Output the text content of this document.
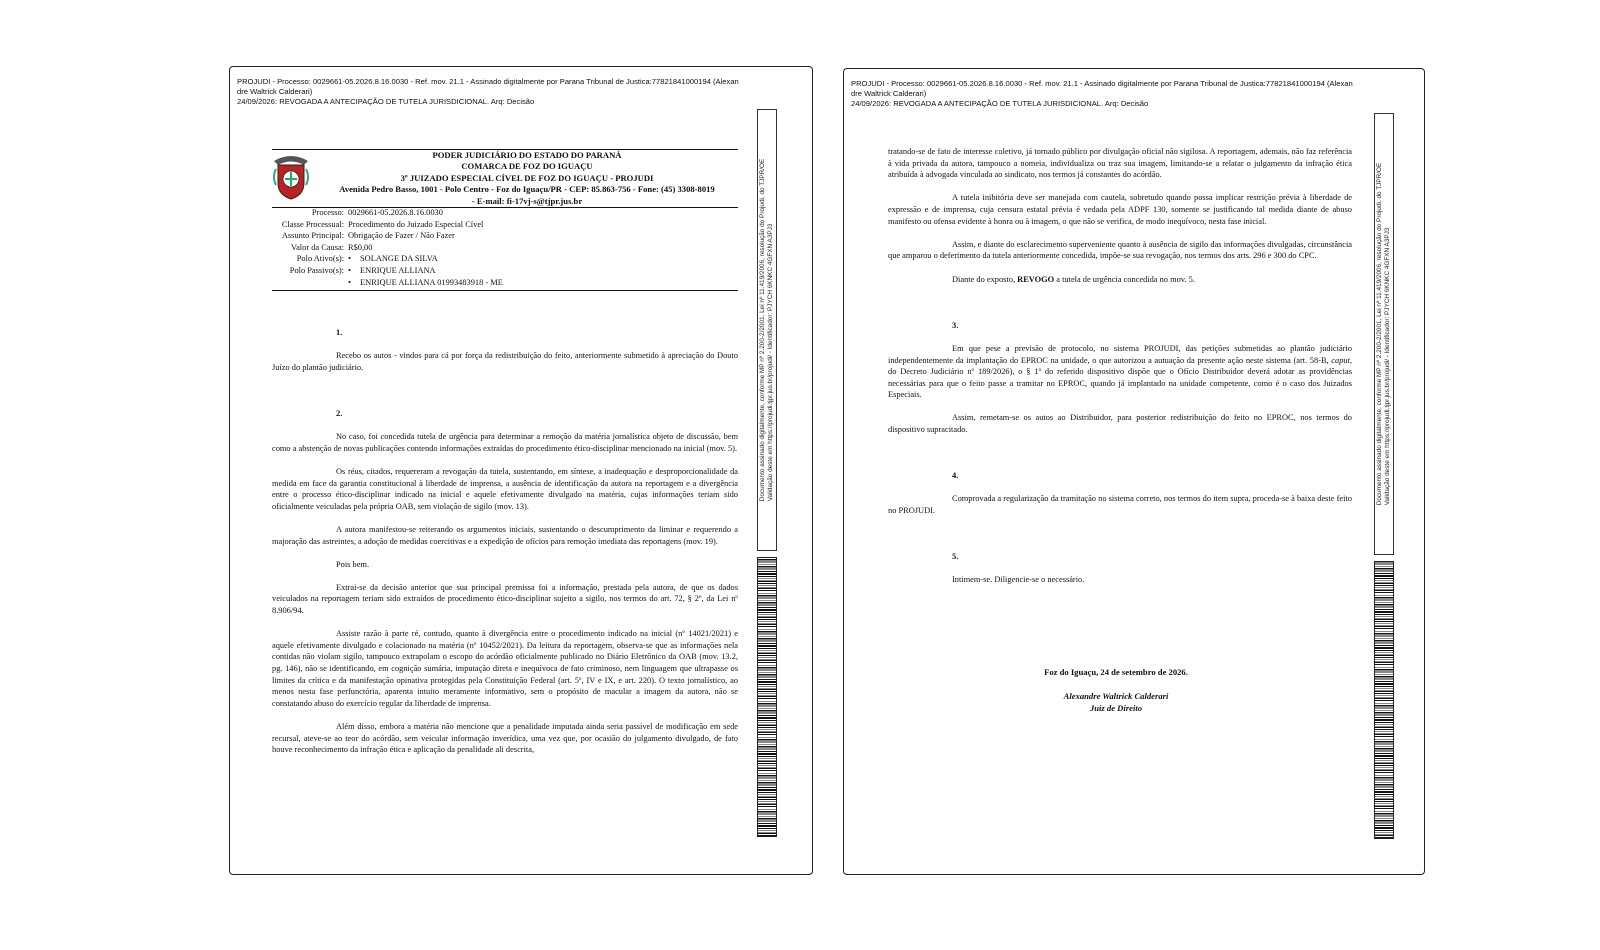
PROJUDI - Processo: 0029661-05.2026.8.16.0030 - Ref. mov. 21.1 - Assinado digitalmente por Parana Tribunal de Justica:77821841000194 (Alexan
dre Waltrick Calderari)
24/09/2026: REVOGADA A ANTECIPAÇÃO DE TUTELA JURISDICIONAL. Arq: Decisão
Documento assinado digitalmente, conforme MP nº 2.200-2/2001, Lei nº 11.419/2006, resolução do Projudi, do TJPR/OE Validação deste em https://projudi.tjpr.jus.br/projudi/ - Identificador: PJYCH 6KNKC 4GFXN A3PJ3
PODER JUDICIÁRIO DO ESTADO DO PARANÁ
COMARCA DE FOZ DO IGUAÇU
3º JUIZADO ESPECIAL CÍVEL DE FOZ DO IGUAÇU - PROJUDI
Avenida Pedro Basso, 1001 - Polo Centro - Foz do Iguaçu/PR - CEP: 85.863-756 - Fone: (45) 3308-8019
- E-mail: fi-17vj-s@tjpr.jus.br
Processo: 0029661-05.2026.8.16.0030
Classe Processual: Procedimento do Juizado Especial Cível
Assunto Principal: Obrigação de Fazer / Não Fazer
Valor da Causa: R$0,00
Polo Ativo(s): • SOLANGE DA SILVA
Polo Passivo(s): • ENRIQUE ALLIANA
• ENRIQUE ALLIANA 01993483918 - ME
1.

Recebo os autos - vindos para cá por força da redistribuição do feito, anteriormente submetido à apreciação do Douto Juízo do plantão judiciário.

2.

No caso, foi concedida tutela de urgência para determinar a remoção da matéria jornalística objeto de discussão, bem como a abstenção de novas publicações contendo informações extraídas do procedimento ético-disciplinar mencionado na inicial (mov. 5).

Os réus, citados, requereram a revogação da tutela, sustentando, em síntese, a inadequação e desproporcionalidade da medida em face da garantia constitucional à liberdade de imprensa, a ausência de identificação da autora na reportagem e a divergência entre o processo ético-disciplinar indicado na inicial e aquele efetivamente divulgado na matéria, cujas informações teriam sido oficialmente veiculadas pela própria OAB, sem violação de sigilo (mov. 13).

A autora manifestou-se reiterando os argumentos iniciais, sustentando o descumprimento da liminar e requerendo a majoração das astreintes, a adoção de medidas coercitivas e a expedição de ofícios para remoção imediata das reportagens (mov. 19).

Pois bem.

Extrai-se da decisão anterior que sua principal premissa foi a informação, prestada pela autora, de que os dados veiculados na reportagem teriam sido extraídos de procedimento ético-disciplinar sujeito a sigilo, nos termos do art. 72, § 2º, da Lei nº 8.906/94.

Assiste razão à parte ré, contudo, quanto à divergência entre o procedimento indicado na inicial (nº 14021/2021) e aquele efetivamente divulgado e colacionado na matéria (nº 10452/2021). Da leitura da reportagem, observa-se que as informações nela contidas não violam sigilo, tampouco extrapolam o escopo do acórdão oficialmente publicado no Diário Eletrônico da OAB (mov. 13.2, pg. 146), não se identificando, em cognição sumária, imputação direta e inequívoca de fato criminoso, nem linguagem que ultrapasse os limites da crítica e da manifestação opinativa protegidas pela Constituição Federal (art. 5º, IV e IX, e art. 220). O texto jornalístico, ao menos nesta fase perfunctória, aparenta intuito meramente informativo, sem o propósito de macular a imagem da autora, não se constatando abuso do exercício regular da liberdade de imprensa.

Além disso, embora a matéria não mencione que a penalidade imputada ainda seria passível de modificação em sede recursal, ateve-se ao teor do acórdão, sem veicular informação inverídica, uma vez que, por ocasião do julgamento divulgado, de fato houve reconhecimento da infração ética e aplicação da penalidade ali descrita,

PROJUDI - Processo: 0029661-05.2026.8.16.0030 - Ref. mov. 21.1 - Assinado digitalmente por Parana Tribunal de Justica:77821841000194 (Alexan
dre Waltrick Calderari)
24/09/2026: REVOGADA A ANTECIPAÇÃO DE TUTELA JURISDICIONAL. Arq: Decisão
Documento assinado digitalmente, conforme MP nº 2.200-2/2001, Lei nº 11.419/2006, resolução do Projudi, do TJPR/OE Validação deste em https://projudi.tjpr.jus.br/projudi/ - Identificador: PJYCH 6KNKC 4GFXN A3PJ3

tratando-se de fato de interesse coletivo, já tornado público por divulgação oficial não sigilosa. A reportagem, ademais, não faz referência à vida privada da autora, tampouco a nomeia, individualiza ou traz sua imagem, limitando-se a relatar o julgamento da infração ética atribuída à advogada vinculada ao sindicato, nos termos já constantes do acórdão.

A tutela inibitória deve ser manejada com cautela, sobretudo quando possa implicar restrição prévia à liberdade de expressão e de imprensa, cuja censura estatal prévia é vedada pela ADPF 130, somente se justificando tal medida diante de abuso manifesto ou ofensa evidente à honra ou à imagem, o que não se verifica, de modo inequívoco, nesta fase inicial.

Assim, e diante do esclarecimento superveniente quanto à ausência de sigilo das informações divulgadas, circunstância que amparou o deferimento da tutela anteriormente concedida, impõe-se sua revogação, nos termos dos arts. 296 e 300 do CPC.

Diante do exposto, REVOGO a tutela de urgência concedida no mov. 5.

3.

Em que pese a previsão de protocolo, no sistema PROJUDI, das petições submetidas ao plantão judiciário independentemente da implantação do EPROC na unidade, o que autorizou a autuação da presente ação neste sistema (art. 58-B, caput, do Decreto Judiciário nº 189/2026), o § 1º do referido dispositivo dispõe que o Ofício Distribuidor deverá adotar as providências necessárias para que o feito passe a tramitar no EPROC, quando já implantado na unidade competente, como é o caso dos Juizados Especiais.

Assim, remetam-se os autos ao Distribuidor, para posterior redistribuição do feito no EPROC, nos termos do dispositivo supracitado.

4.

Comprovada a regularização da tramitação no sistema correto, nos termos do item supra, proceda-se à baixa deste feito no PROJUDI.

5.

Intimem-se. Diligencie-se o necessário.

Foz do Iguaçu, 24 de setembro de 2026.
Alexandre Waltrick Calderari
Juiz de Direito
